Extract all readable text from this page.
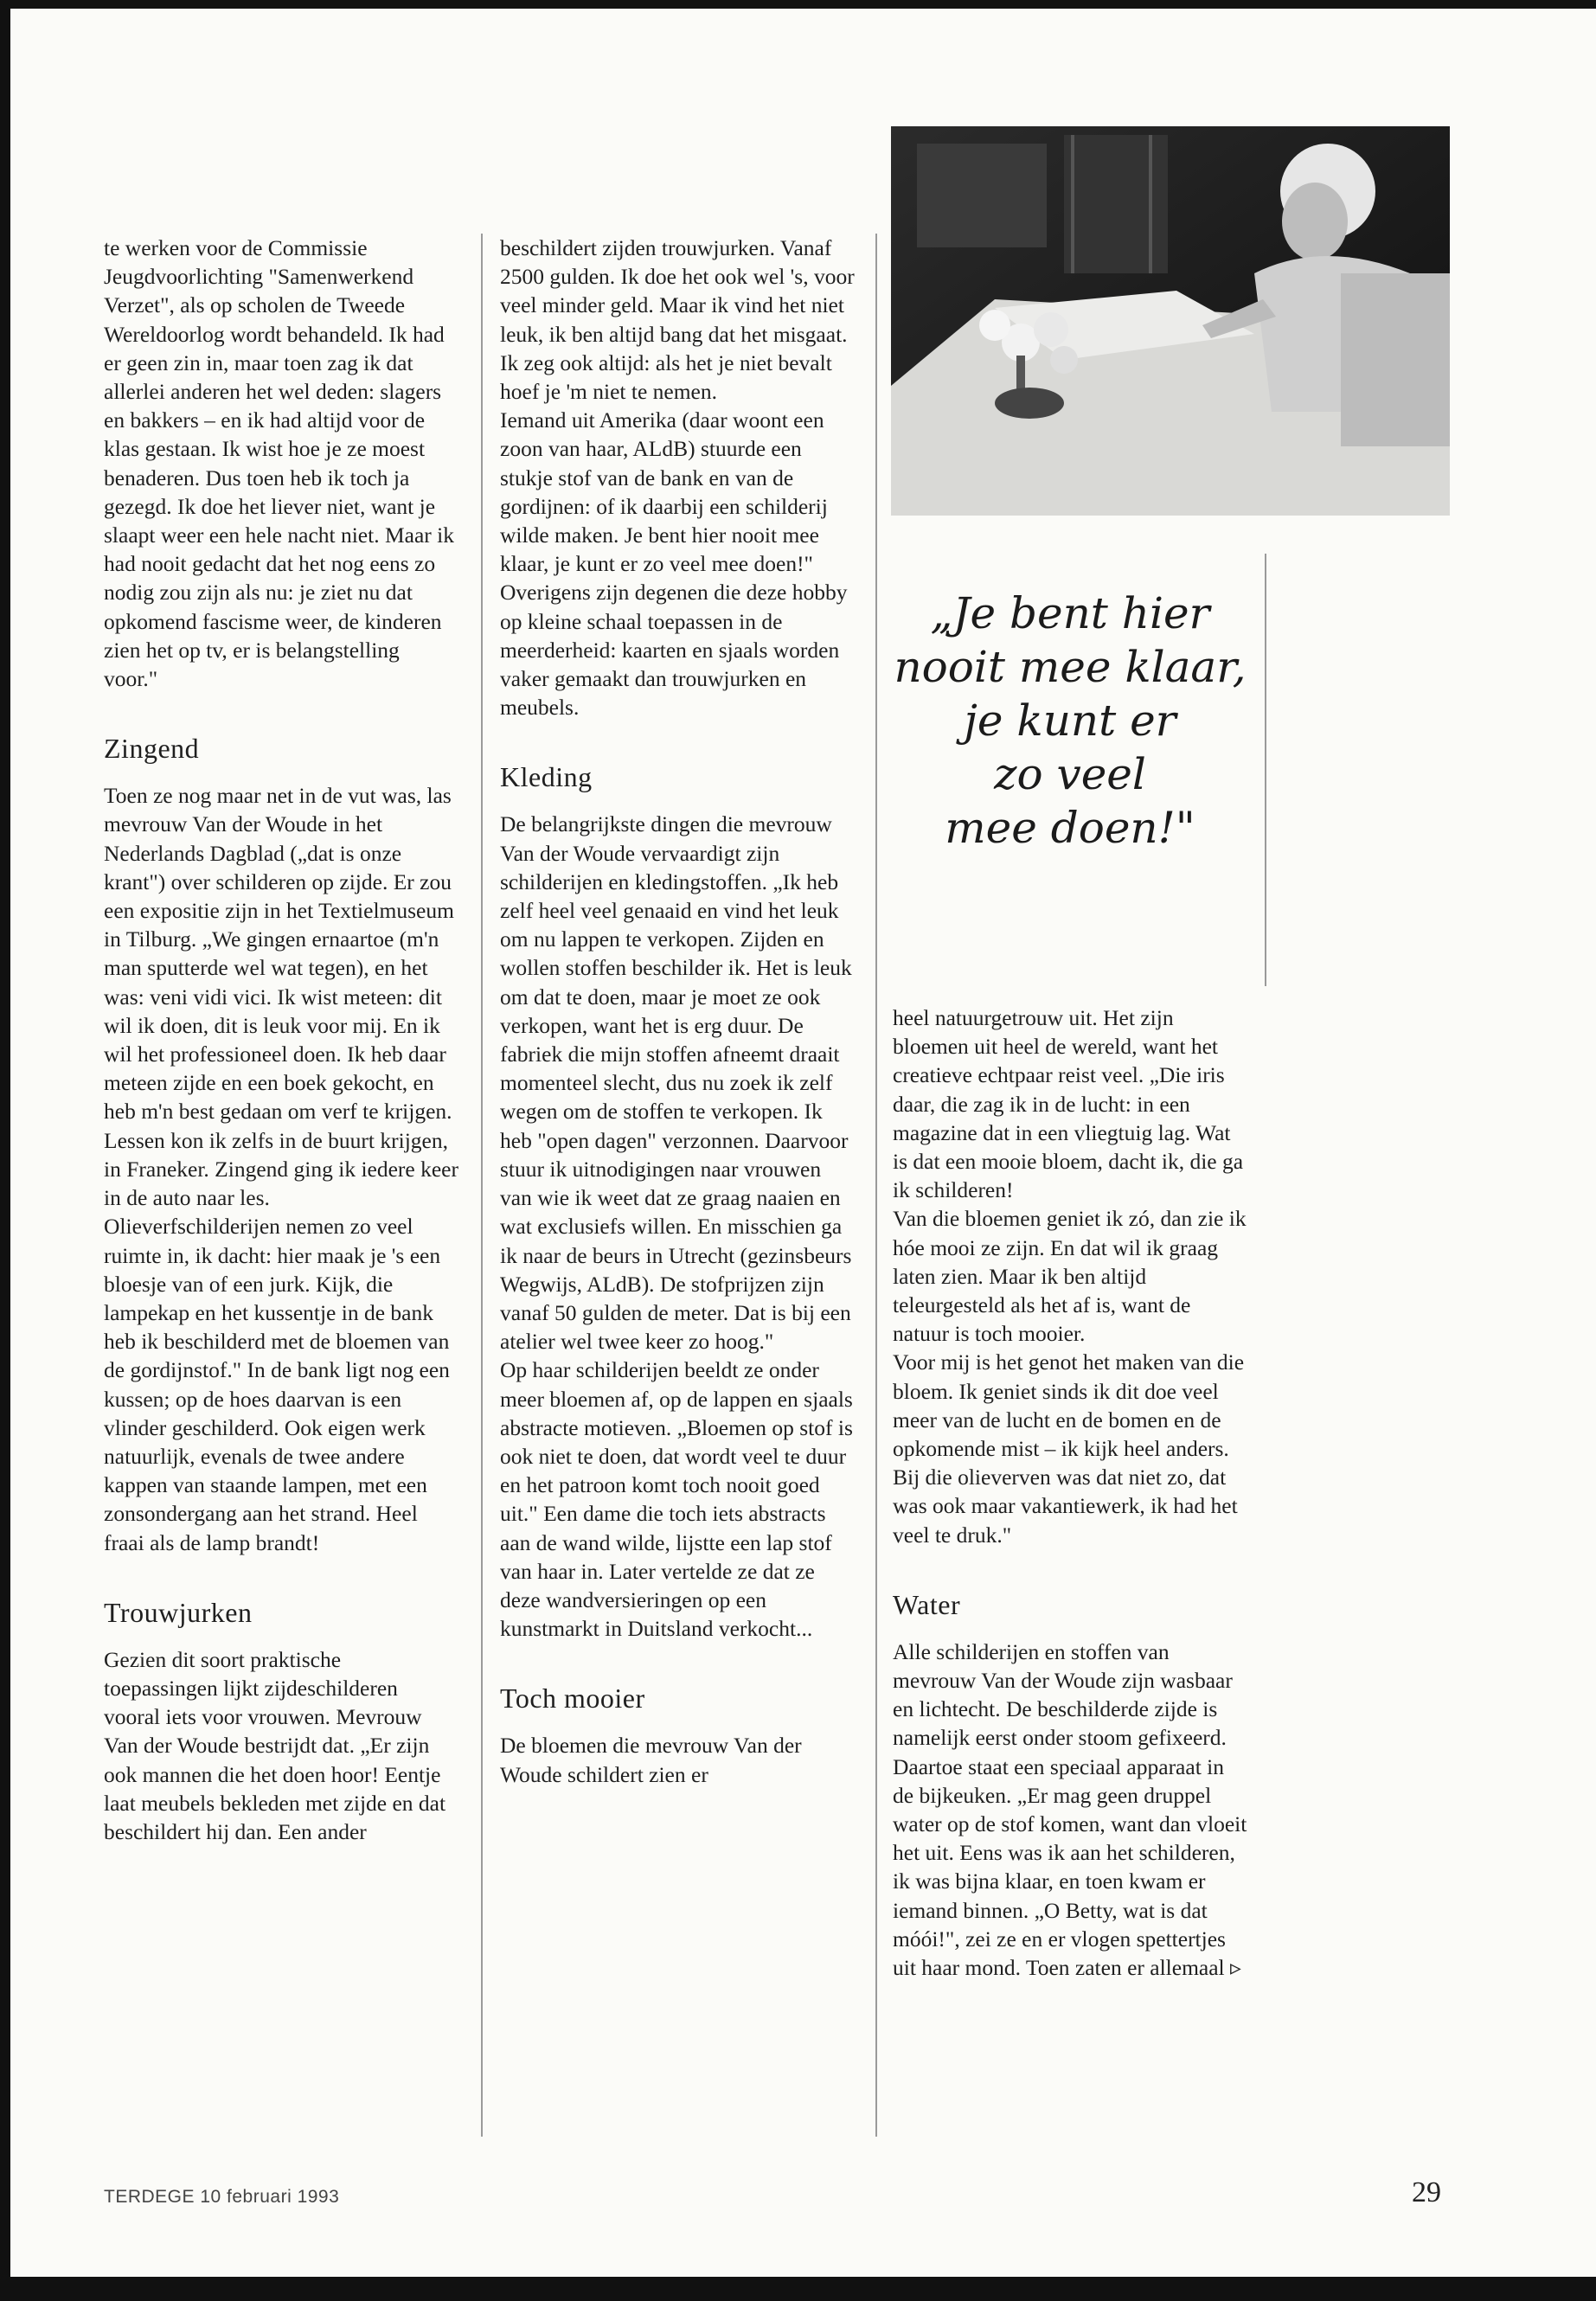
te werken voor de Commissie Jeugdvoorlichting "Samenwerkend Verzet", als op scholen de Tweede Wereldoorlog wordt behandeld. Ik had er geen zin in, maar toen zag ik dat allerlei anderen het wel deden: slagers en bakkers – en ik had altijd voor de klas gestaan. Ik wist hoe je ze moest benaderen. Dus toen heb ik toch ja gezegd. Ik doe het liever niet, want je slaapt weer een hele nacht niet. Maar ik had nooit gedacht dat het nog eens zo nodig zou zijn als nu: je ziet nu dat opkomend fascisme weer, de kinderen zien het op tv, er is belangstelling voor."

Zingend

Toen ze nog maar net in de vut was, las mevrouw Van der Woude in het Nederlands Dagblad („dat is onze krant") over schilderen op zijde. Er zou een expositie zijn in het Textielmuseum in Tilburg. „We gingen ernaartoe (m'n man sputterde wel wat tegen), en het was: veni vidi vici. Ik wist meteen: dit wil ik doen, dit is leuk voor mij. En ik wil het professioneel doen. Ik heb daar meteen zijde en een boek gekocht, en heb m'n best gedaan om verf te krijgen. Lessen kon ik zelfs in de buurt krijgen, in Franeker. Zingend ging ik iedere keer in de auto naar les.

Olieverfschilderijen nemen zo veel ruimte in, ik dacht: hier maak je 's een bloesje van of een jurk. Kijk, die lampekap en het kussentje in de bank heb ik beschilderd met de bloemen van de gordijnstof." In de bank ligt nog een kussen; op de hoes daarvan is een vlinder geschilderd. Ook eigen werk natuurlijk, evenals de twee andere kappen van staande lampen, met een zonsondergang aan het strand. Heel fraai als de lamp brandt!

Trouwjurken

Gezien dit soort praktische toepassingen lijkt zijdeschilderen vooral iets voor vrouwen. Mevrouw Van der Woude bestrijdt dat. „Er zijn ook mannen die het doen hoor! Eentje laat meubels bekleden met zijde en dat beschildert hij dan. Een ander

beschildert zijden trouwjurken. Vanaf 2500 gulden. Ik doe het ook wel 's, voor veel minder geld. Maar ik vind het niet leuk, ik ben altijd bang dat het misgaat. Ik zeg ook altijd: als het je niet bevalt hoef je 'm niet te nemen.

Iemand uit Amerika (daar woont een zoon van haar, ALdB) stuurde een stukje stof van de bank en van de gordijnen: of ik daarbij een schilderij wilde maken. Je bent hier nooit mee klaar, je kunt er zo veel mee doen!"

Overigens zijn degenen die deze hobby op kleine schaal toepassen in de meerderheid: kaarten en sjaals worden vaker gemaakt dan trouwjurken en meubels.

Kleding

De belangrijkste dingen die mevrouw Van der Woude vervaardigt zijn schilderijen en kledingstoffen. „Ik heb zelf heel veel genaaid en vind het leuk om nu lappen te verkopen. Zijden en wollen stoffen beschilder ik. Het is leuk om dat te doen, maar je moet ze ook verkopen, want het is erg duur. De fabriek die mijn stoffen afneemt draait momenteel slecht, dus nu zoek ik zelf wegen om de stoffen te verkopen. Ik heb "open dagen" verzonnen. Daarvoor stuur ik uitnodigingen naar vrouwen van wie ik weet dat ze graag naaien en wat exclusiefs willen. En misschien ga ik naar de beurs in Utrecht (gezinsbeurs Wegwijs, ALdB). De stofprijzen zijn vanaf 50 gulden de meter. Dat is bij een atelier wel twee keer zo hoog."

Op haar schilderijen beeldt ze onder meer bloemen af, op de lappen en sjaals abstracte motieven. „Bloemen op stof is ook niet te doen, dat wordt veel te duur en het patroon komt toch nooit goed uit." Een dame die toch iets abstracts aan de wand wilde, lijstte een lap stof van haar in. Later vertelde ze dat ze deze wandversieringen op een kunstmarkt in Duitsland verkocht...

Toch mooier

De bloemen die mevrouw Van der Woude schildert zien er

„Je bent hier
nooit mee klaar,
je kunt er
zo veel
mee doen!"

heel natuurgetrouw uit. Het zijn bloemen uit heel de wereld, want het creatieve echtpaar reist veel. „Die iris daar, die zag ik in de lucht: in een magazine dat in een vliegtuig lag. Wat is dat een mooie bloem, dacht ik, die ga ik schilderen!

Van die bloemen geniet ik zó, dan zie ik hóe mooi ze zijn. En dat wil ik graag laten zien. Maar ik ben altijd teleurgesteld als het af is, want de natuur is toch mooier.

Voor mij is het genot het maken van die bloem. Ik geniet sinds ik dit doe veel meer van de lucht en de bomen en de opkomende mist – ik kijk heel anders. Bij die olieverven was dat niet zo, dat was ook maar vakantiewerk, ik had het veel te druk."

Water

Alle schilderijen en stoffen van mevrouw Van der Woude zijn wasbaar en lichtecht. De beschilderde zijde is namelijk eerst onder stoom gefixeerd. Daartoe staat een speciaal apparaat in de bijkeuken. „Er mag geen druppel water op de stof komen, want dan vloeit het uit. Eens was ik aan het schilderen, ik was bijna klaar, en toen kwam er iemand binnen. „O Betty, wat is dat móói!", zei ze en er vlogen spettertjes uit haar mond. Toen zaten er allemaal ▹

TERDEGE 10 februari 1993	29
